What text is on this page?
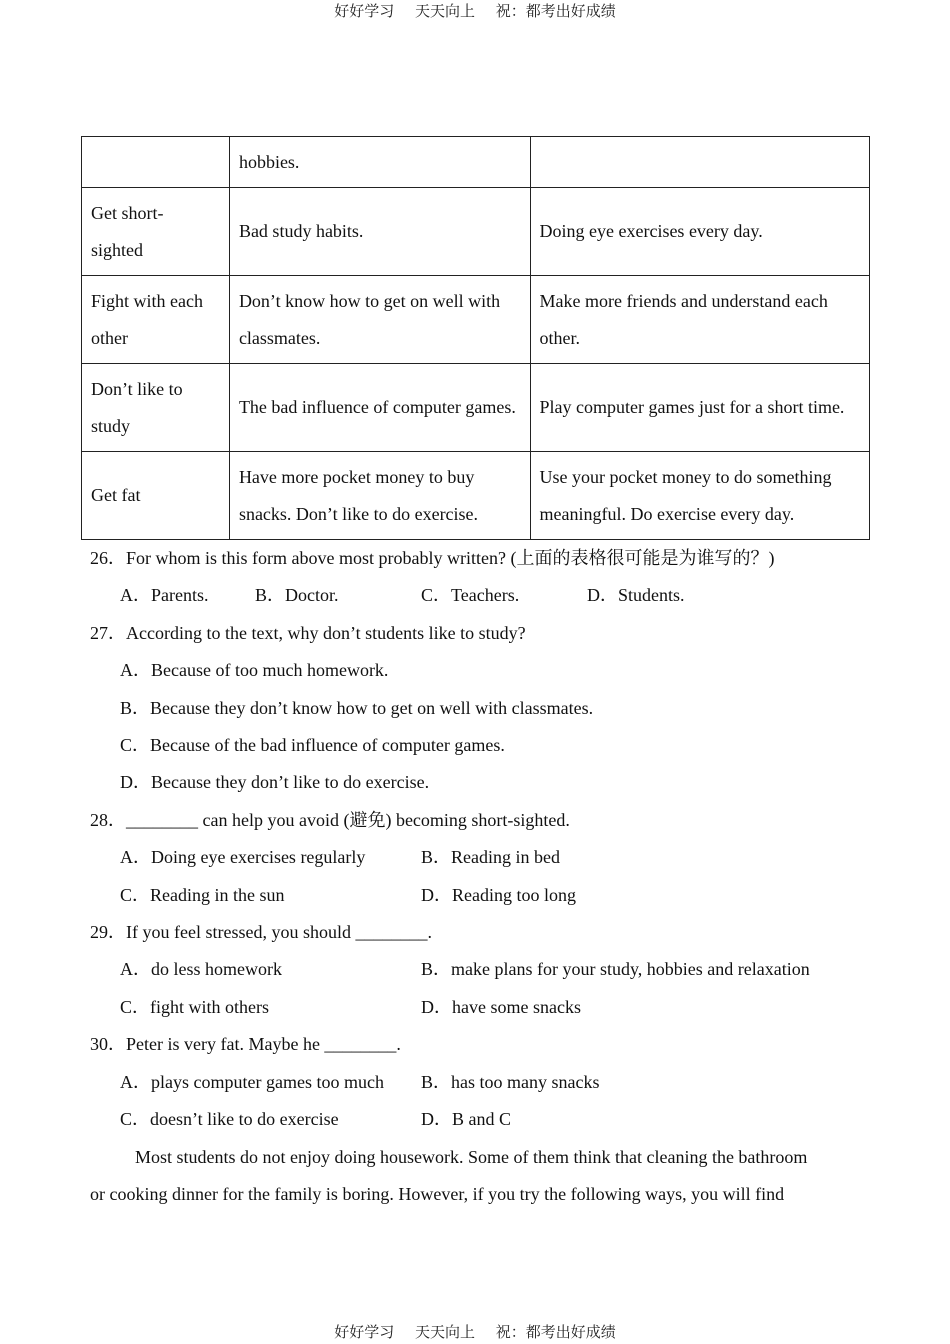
好好学习 天天向上 祝：都考出好成绩
	hobbies.	
Get short-sighted	Bad study habits.	Doing eye exercises every day.
Fight with each other	Don’t know how to get on well with classmates.	Make more friends and understand each other.
Don’t like to study	The bad influence of computer games.	Play computer games just for a short time.
Get fat	Have more pocket money to buy snacks. Don’t like to do exercise.	Use your pocket money to do something meaningful. Do exercise every day.
26．For whom is this form above most probably written? (上面的表格很可能是为谁写的？)
A．Parents.	B．Doctor.	C．Teachers.	D．Students.
27．According to the text, why don’t students like to study?
A．Because of too much homework.
B．Because they don’t know how to get on well with classmates.
C．Because of the bad influence of computer games.
D．Because they don’t like to do exercise.
28．________ can help you avoid (避免) becoming short-sighted.
A．Doing eye exercises regularly	B．Reading in bed
C．Reading in the sun	D．Reading too long
29．If you feel stressed, you should ________.
A．do less homework	B．make plans for your study, hobbies and relaxation
C．fight with others	D．have some snacks
30．Peter is very fat. Maybe he ________.
A．plays computer games too much	B．has too many snacks
C．doesn’t like to do exercise	D．B and C
Most students do not enjoy doing housework. Some of them think that cleaning the bathroom
or cooking dinner for the family is boring. However, if you try the following ways, you will find
好好学习 天天向上 祝：都考出好成绩
